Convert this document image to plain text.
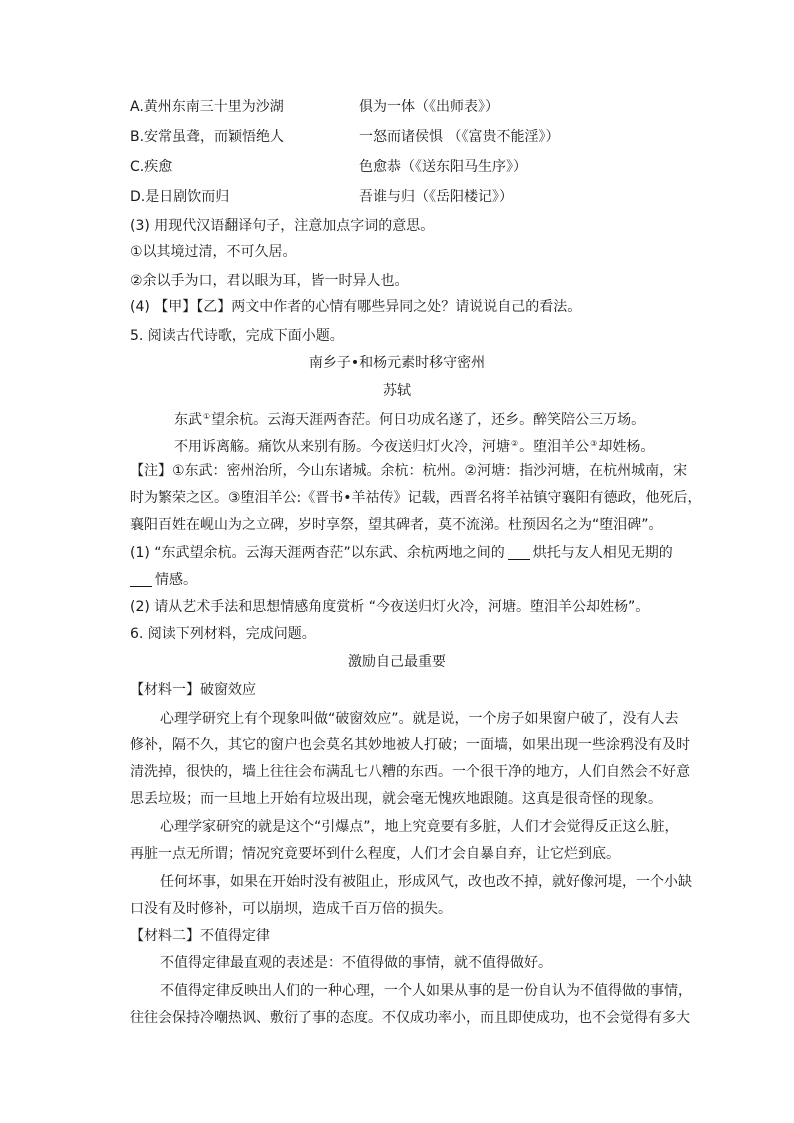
A.黄州东南三十里为沙湖	俱为一体（《出师表》）
B.安常虽聋，而颖悟绝人	一怒而诸侯惧 （《富贵不能淫》）
C.疾愈	色愈恭（《送东阳马生序》）
D.是日剧饮而归	吾谁与归（《岳阳楼记》）
(3) 用现代汉语翻译句子，注意加点字词的意思。
①以其境过清，不可久居。
②余以手为口，君以眼为耳，皆一时异人也。
(4) 【甲】【乙】两文中作者的心情有哪些异同之处？请说说自己的看法。
5. 阅读古代诗歌，完成下面小题。
南乡子•和杨元素时移守密州
苏轼
东武①望余杭。云海天涯两杳茫。何日功成名遂了，还乡。醉笑陪公三万场。
不用诉离觞。痛饮从来别有肠。今夜送归灯火冷，河塘②。堕泪羊公③却姓杨。
【注】①东武：密州治所，今山东诸城。余杭：杭州。②河塘：指沙河塘，在杭州城南，宋
时为繁荣之区。③堕泪羊公:《晋书•羊祜传》记载，西晋名将羊祜镇守襄阳有德政，他死后，
襄阳百姓在岘山为之立碑，岁时享祭，望其碑者，莫不流涕。杜预因名之为“堕泪碑”。
(1) “东武望余杭。云海天涯两杳茫”以东武、余杭两地之间的 烘托与友人相见无期的
情感。
(2) 请从艺术手法和思想情感角度赏析 “今夜送归灯火冷，河塘。堕泪羊公却姓杨”。
6. 阅读下列材料，完成问题。
激励自己最重要
【材料一】破窗效应
心理学研究上有个现象叫做“破窗效应”。就是说，一个房子如果窗户破了，没有人去
修补，隔不久，其它的窗户也会莫名其妙地被人打破；一面墙，如果出现一些涂鸦没有及时
清洗掉，很快的，墙上往往会布满乱七八糟的东西。一个很干净的地方，人们自然会不好意
思丢垃圾；而一旦地上开始有垃圾出现，就会毫无愧疚地跟随。这真是很奇怪的现象。
心理学家研究的就是这个“引爆点”，地上究竟要有多脏，人们才会觉得反正这么脏，
再脏一点无所谓；情况究竟要坏到什么程度，人们才会自暴自弃，让它烂到底。
任何坏事，如果在开始时没有被阻止，形成风气，改也改不掉，就好像河堤，一个小缺
口没有及时修补，可以崩坝，造成千百万倍的损失。
【材料二】不值得定律
不值得定律最直观的表述是：不值得做的事情，就不值得做好。
不值得定律反映出人们的一种心理，一个人如果从事的是一份自认为不值得做的事情，
往往会保持冷嘲热讽、敷衍了事的态度。不仅成功率小，而且即使成功，也不会觉得有多大
